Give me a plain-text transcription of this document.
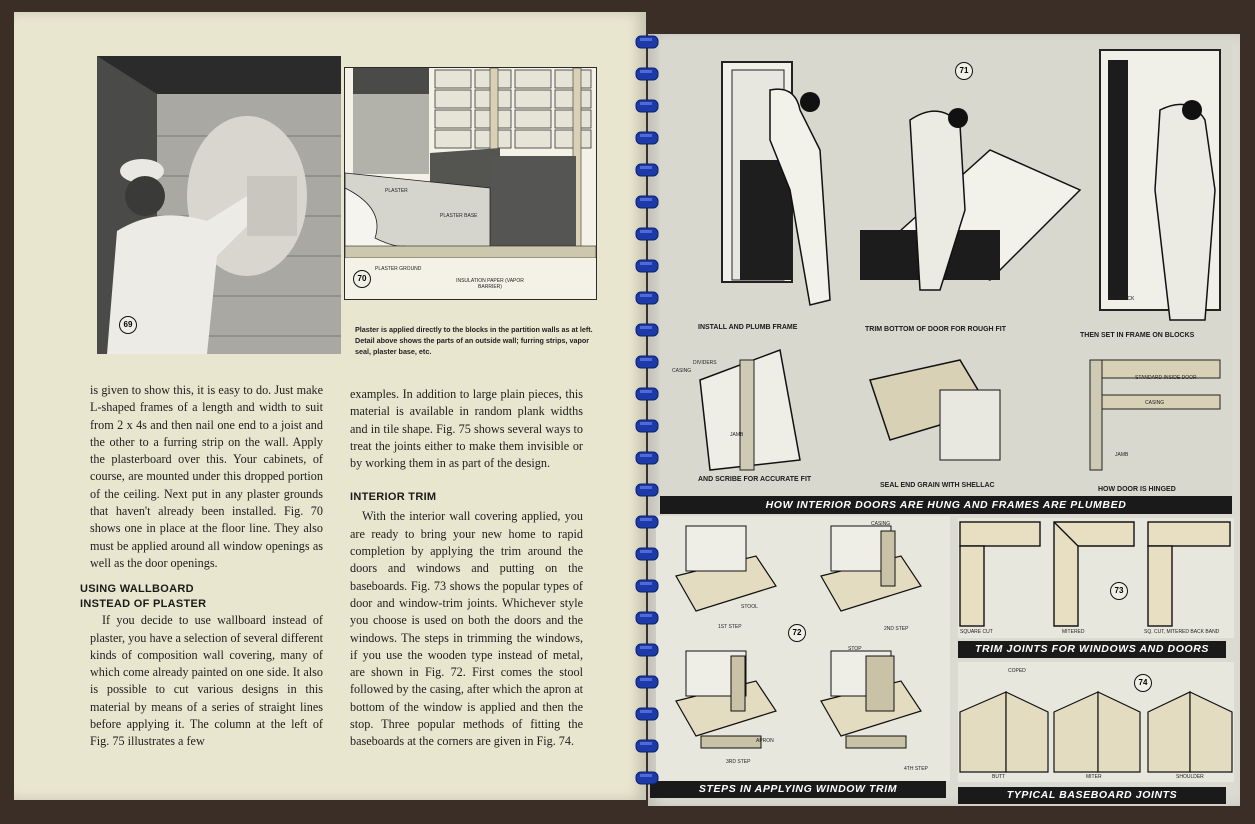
69
PLASTER
PLASTER BASE
PLASTER GROUND
INSULATION PAPER (VAPOR BARRIER)
70

Plaster is applied directly to the blocks in the partition walls as at left. Detail above shows the parts of an outside wall; furring strips, vapor seal, plaster base, etc.

is given to show this, it is easy to do. Just make L-shaped frames of a length and width to suit from 2 x 4s and then nail one end to a joist and the other to a furring strip on the wall. Apply the plasterboard over this. Your cabinets, of course, are mounted under this dropped portion of the ceiling. Next put in any plaster grounds that haven't already been installed. Fig. 70 shows one in place at the floor line. They also must be applied around all window openings as well as the door openings.

USING WALLBOARD

INSTEAD OF PLASTER

If you decide to use wallboard instead of plaster, you have a selection of several different kinds of composition wall covering, many of which come already painted on one side. It also is possible to cut various designs in this material by means of a series of straight lines before applying it. The column at the left of Fig. 75 illustrates a few

examples. In addition to large plain pieces, this material is available in random plank widths and in tile shape. Fig. 75 shows several ways to treat the joints either to make them invisible or by working them in as part of the design.

INTERIOR TRIM

With the interior wall covering applied, you are ready to bring your new home to rapid completion by applying the trim around the doors and windows and putting on the baseboards. Fig. 73 shows the popular types of door and window-trim joints. Whichever style you choose is used on both the doors and the windows. The steps in trimming the windows, if you use the wooden type instead of metal, are shown in Fig. 72. First comes the stool followed by the casing, after which the apron at bottom of the window is applied and then the stop. Three popular methods of fitting the baseboards at the corners are given in Fig. 74.

71
INSTALL AND PLUMB FRAME	TRIM BOTTOM OF DOOR FOR ROUGH FIT
THEN SET IN FRAME ON BLOCKS
AND SCRIBE FOR ACCURATE FIT
SEAL END GRAIN WITH SHELLAC
HOW DOOR IS HINGED
DIVIDERS
CASING
JAMB
½" BLOCK
STANDARD INSIDE DOOR
CASING
JAMB
HOW INTERIOR DOORS ARE HUNG AND FRAMES ARE PLUMBED
72
STOOL
CASING
1ST STEP	2ND STEP
STOP
APRON
3RD STEP
4TH STEP
STEPS IN APPLYING WINDOW TRIM
73
SQUARE CUT	MITERED	SQ. CUT, MITERED BACK BAND
TRIM JOINTS FOR WINDOWS AND DOORS
74
COPED
BUTT	MITER	SHOULDER
TYPICAL BASEBOARD JOINTS
